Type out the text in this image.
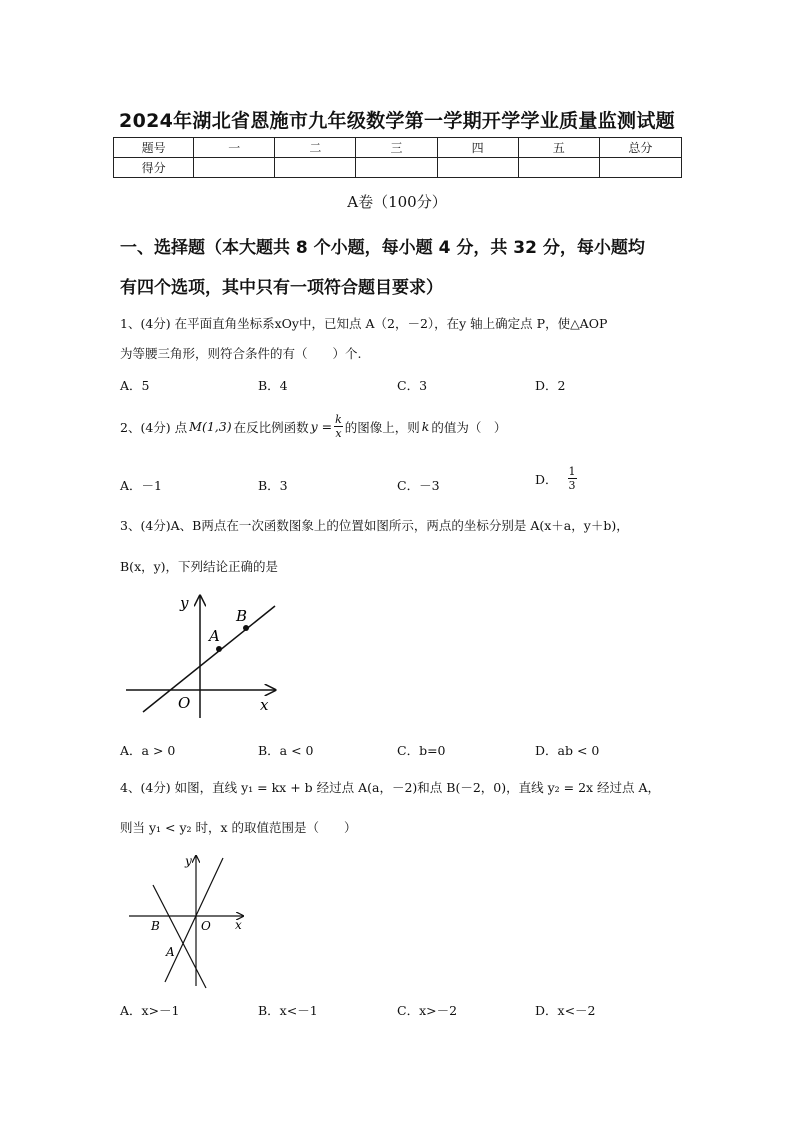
2024年湖北省恩施市九年级数学第一学期开学学业质量监测试题
题号	一	二	三	四	五	总分
得分						
A卷（100分）
一、选择题（本大题共 8 个小题，每小题 4 分，共 32 分，每小题均
有四个选项，其中只有一项符合题目要求）
1、(4分) 在平面直角坐标系xOy中，已知点 A（2，－2），在y 轴上确定点 P，使△AOP
为等腰三角形，则符合条件的有（　　）个.
A．5	B．4	C．3	D．2
2、(4分) 点 M(1,3) 在反比例函数 $y = \frac{k}{x}$ 的图像上，则 k 的值为（　）
A．－1	B．3	C．－3	D． $\frac{1}{3}$
3、(4分)A、B两点在一次函数图象上的位置如图所示，两点的坐标分别是 A(x＋a，y＋b)，
B(x，y)，下列结论正确的是
y
x
O
A
B
A．a > 0	B．a < 0	C．b=0	D．ab < 0
4、(4分) 如图，直线 y₁ = kx + b 经过点 A(a，－2)和点 B(－2，0)，直线 y₂ = 2x 经过点 A，
则当 y₁ < y₂ 时，x 的取值范围是（　　）
y
x
O
B
A
A．x>－1	B．x<－1	C．x>－2	D．x<－2
